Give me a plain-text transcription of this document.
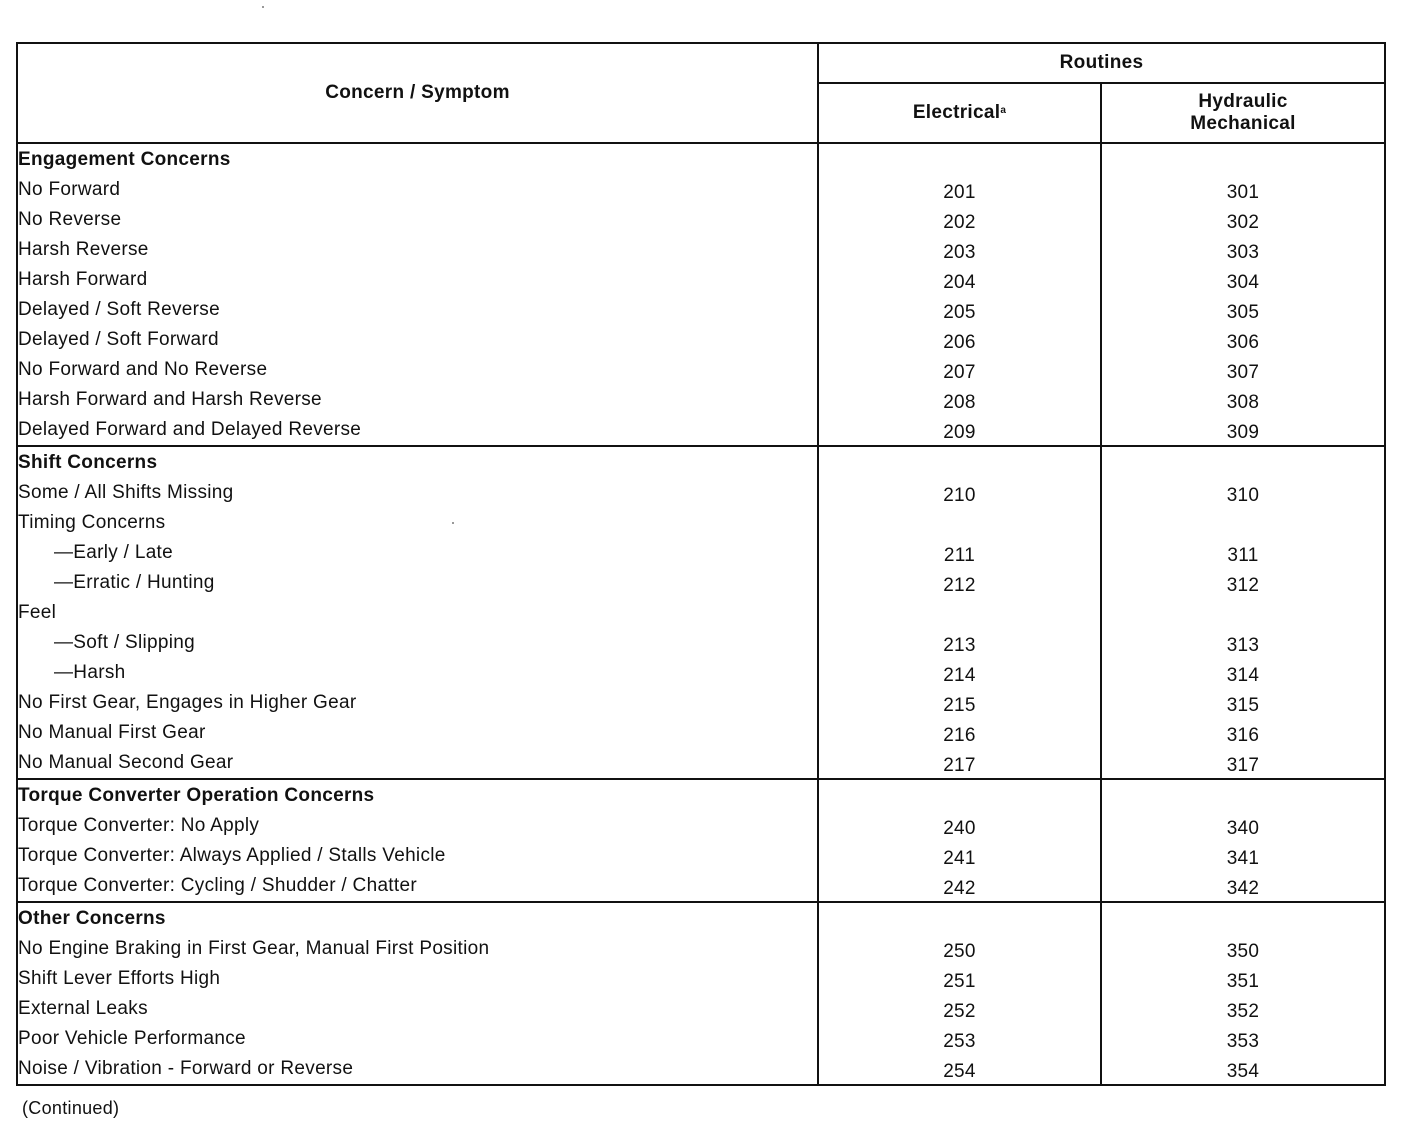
Concern / Symptom	Routines	
	Electrical$^a$	Hydraulic
Mechanical
Engagement Concerns		
No Forward	201	301
No Reverse	202	302
Harsh Reverse	203	303
Harsh Forward	204	304
Delayed / Soft Reverse	205	305
Delayed / Soft Forward	206	306
No Forward and No Reverse	207	307
Harsh Forward and Harsh Reverse	208	308
Delayed Forward and Delayed Reverse	209	309
Shift Concerns		
Some / All Shifts Missing	210	310
Timing Concerns		
—Early / Late	211	311
—Erratic / Hunting	212	312
Feel		
—Soft / Slipping	213	313
—Harsh	214	314
No First Gear, Engages in Higher Gear	215	315
No Manual First Gear	216	316
No Manual Second Gear	217	317
Torque Converter Operation Concerns		
Torque Converter: No Apply	240	340
Torque Converter: Always Applied / Stalls Vehicle	241	341
Torque Converter: Cycling / Shudder / Chatter	242	342
Other Concerns		
No Engine Braking in First Gear, Manual First Position	250	350
Shift Lever Efforts High	251	351
External Leaks	252	352
Poor Vehicle Performance	253	353
Noise / Vibration - Forward or Reverse	254	354
(Continued)
